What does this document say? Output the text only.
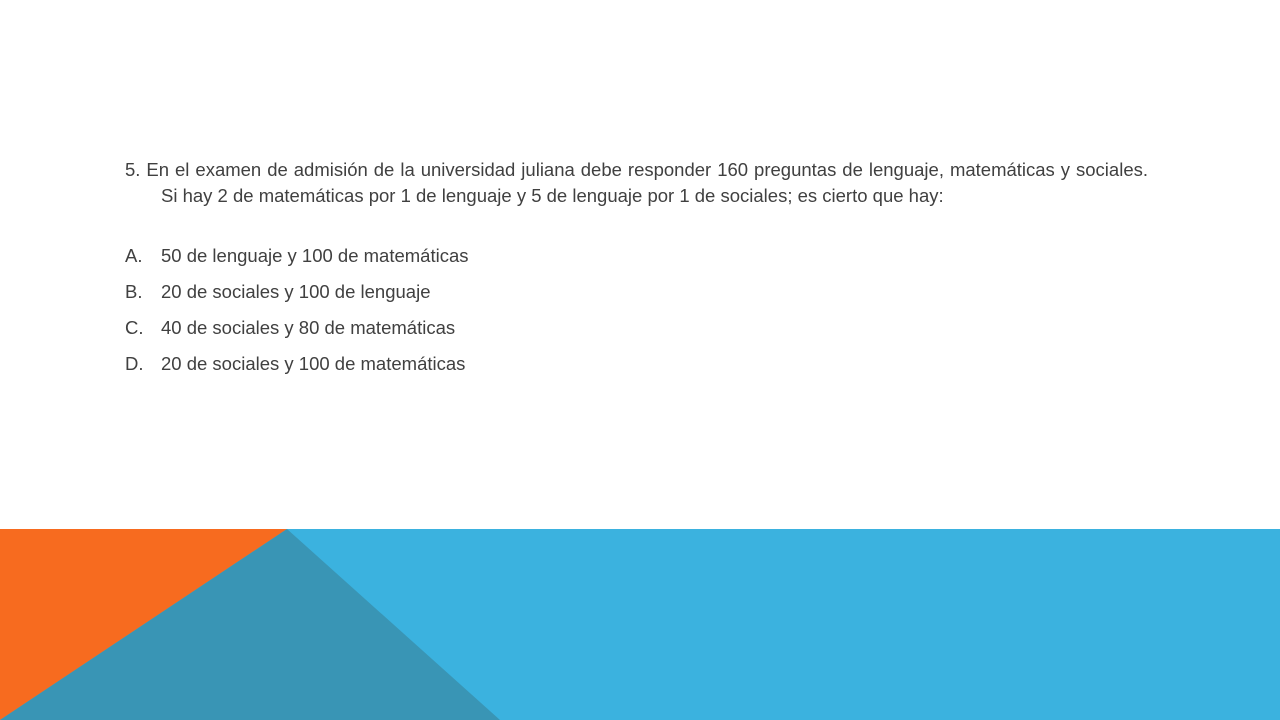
5. En el examen de admisión de la universidad juliana debe responder 160 preguntas de lenguaje, matemáticas y sociales. Si hay 2 de matemáticas por 1 de lenguaje y 5 de lenguaje por 1 de sociales; es cierto que hay:

A.	50 de lenguaje y 100 de matemáticas
B.	20 de sociales y 100 de lenguaje
C. 40 de sociales y 80 de matemáticas
D. 20 de sociales y 100 de matemáticas
